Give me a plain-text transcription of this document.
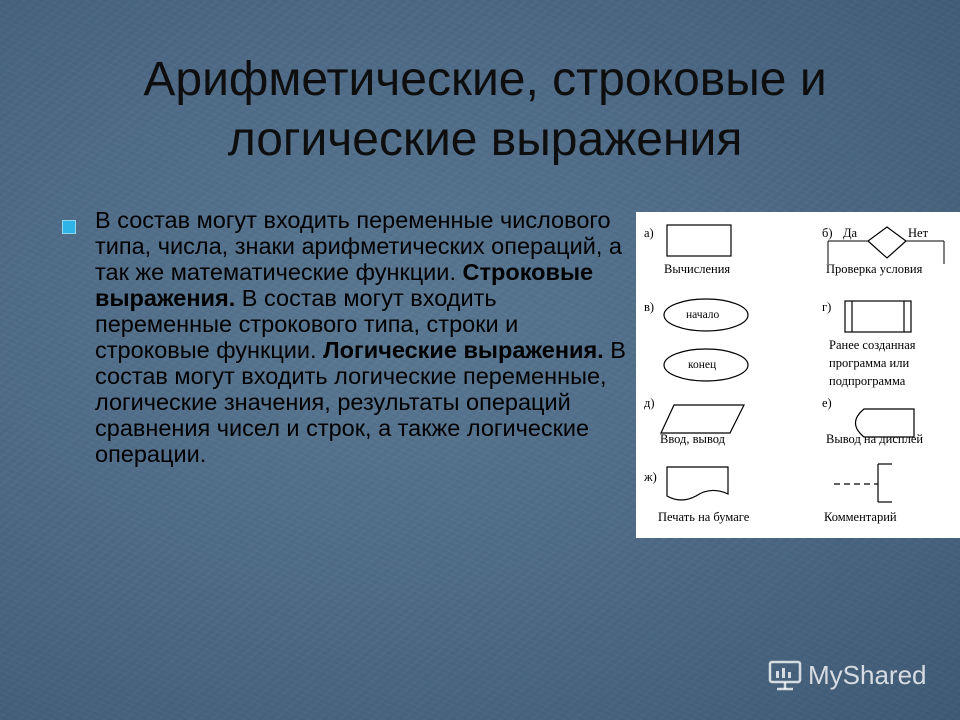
Арифметические, строковые и
логические выражения
В состав могут входить переменные числового типа, числа, знаки арифметических операций, а так же математические функции. Строковые выражения. В состав могут входить переменные строкового типа, строки и строковые функции. Логические выражения. В состав могут входить логические переменные, логические значения, результаты операций сравнения чисел и строк, а также логические операции.
а)
Вычисления
б) Да	Нет
Проверка условия
в)
начало
конец
г)
Ранее созданная
программа или
подпрограмма
д)
Ввод, вывод
е)
Вывод на дисплей
ж)
Печать на бумаге	Комментарий
MyShared
